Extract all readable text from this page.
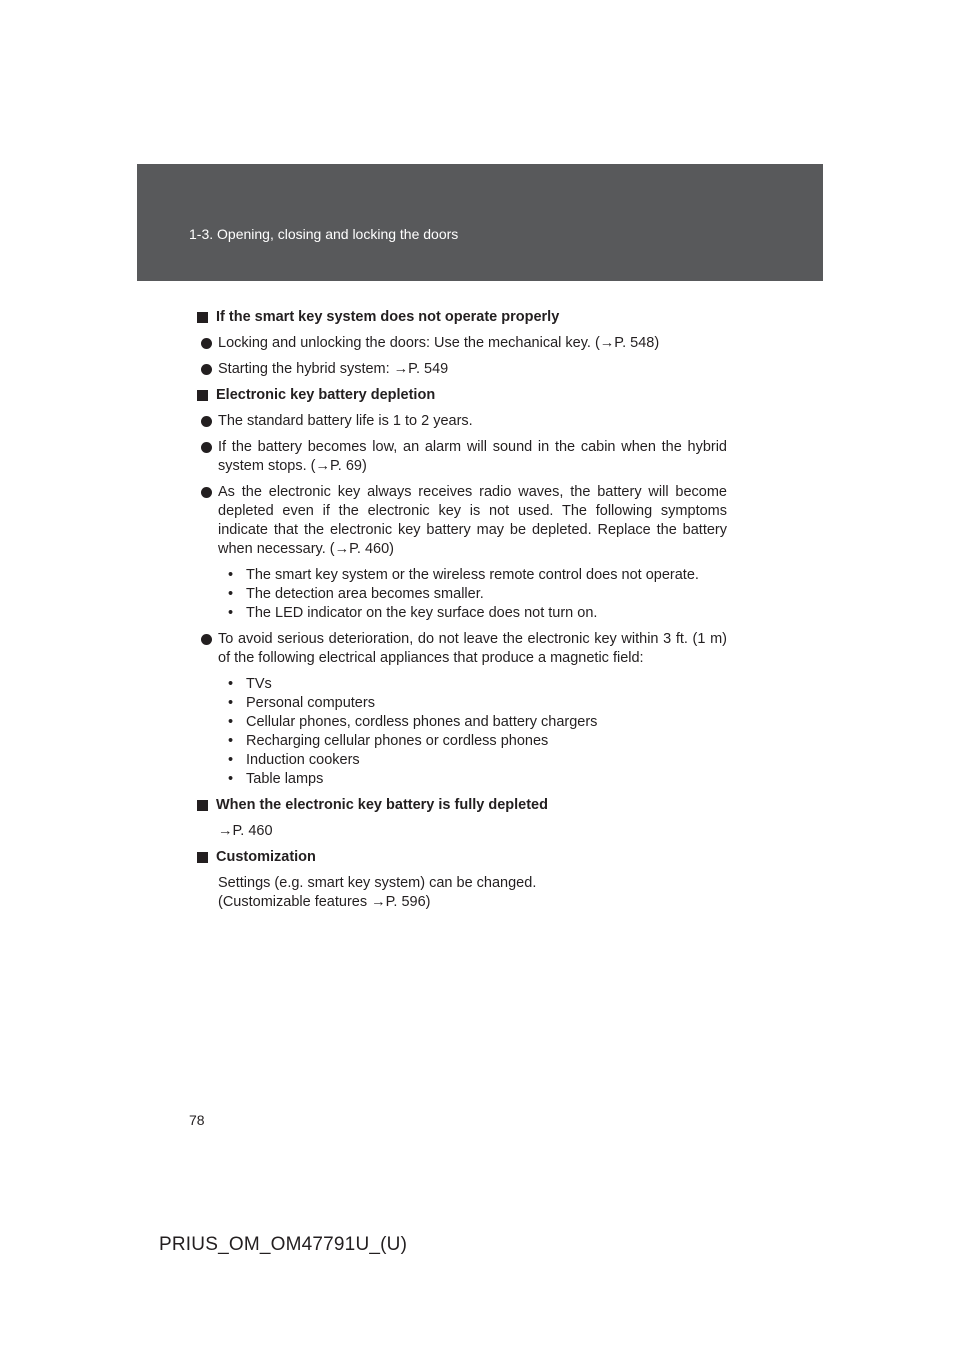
1-3. Opening, closing and locking the doors
If the smart key system does not operate properly
Locking and unlocking the doors: Use the mechanical key. (→P. 548)
Starting the hybrid system: →P. 549
Electronic key battery depletion
The standard battery life is 1 to 2 years.
If the battery becomes low, an alarm will sound in the cabin when the hybrid system stops. (→P. 69)
As the electronic key always receives radio waves, the battery will become depleted even if the electronic key is not used. The following symptoms indicate that the electronic key battery may be depleted. Replace the battery when necessary. (→P. 460)
• The smart key system or the wireless remote control does not operate.
• The detection area becomes smaller.
• The LED indicator on the key surface does not turn on.
To avoid serious deterioration, do not leave the electronic key within 3 ft. (1 m) of the following electrical appliances that produce a magnetic field:
• TVs
• Personal computers
• Cellular phones, cordless phones and battery chargers
• Recharging cellular phones or cordless phones
• Induction cookers
• Table lamps
When the electronic key battery is fully depleted
→P. 460
Customization
Settings (e.g. smart key system) can be changed.
(Customizable features →P. 596)
78
PRIUS_OM_OM47791U_(U)
